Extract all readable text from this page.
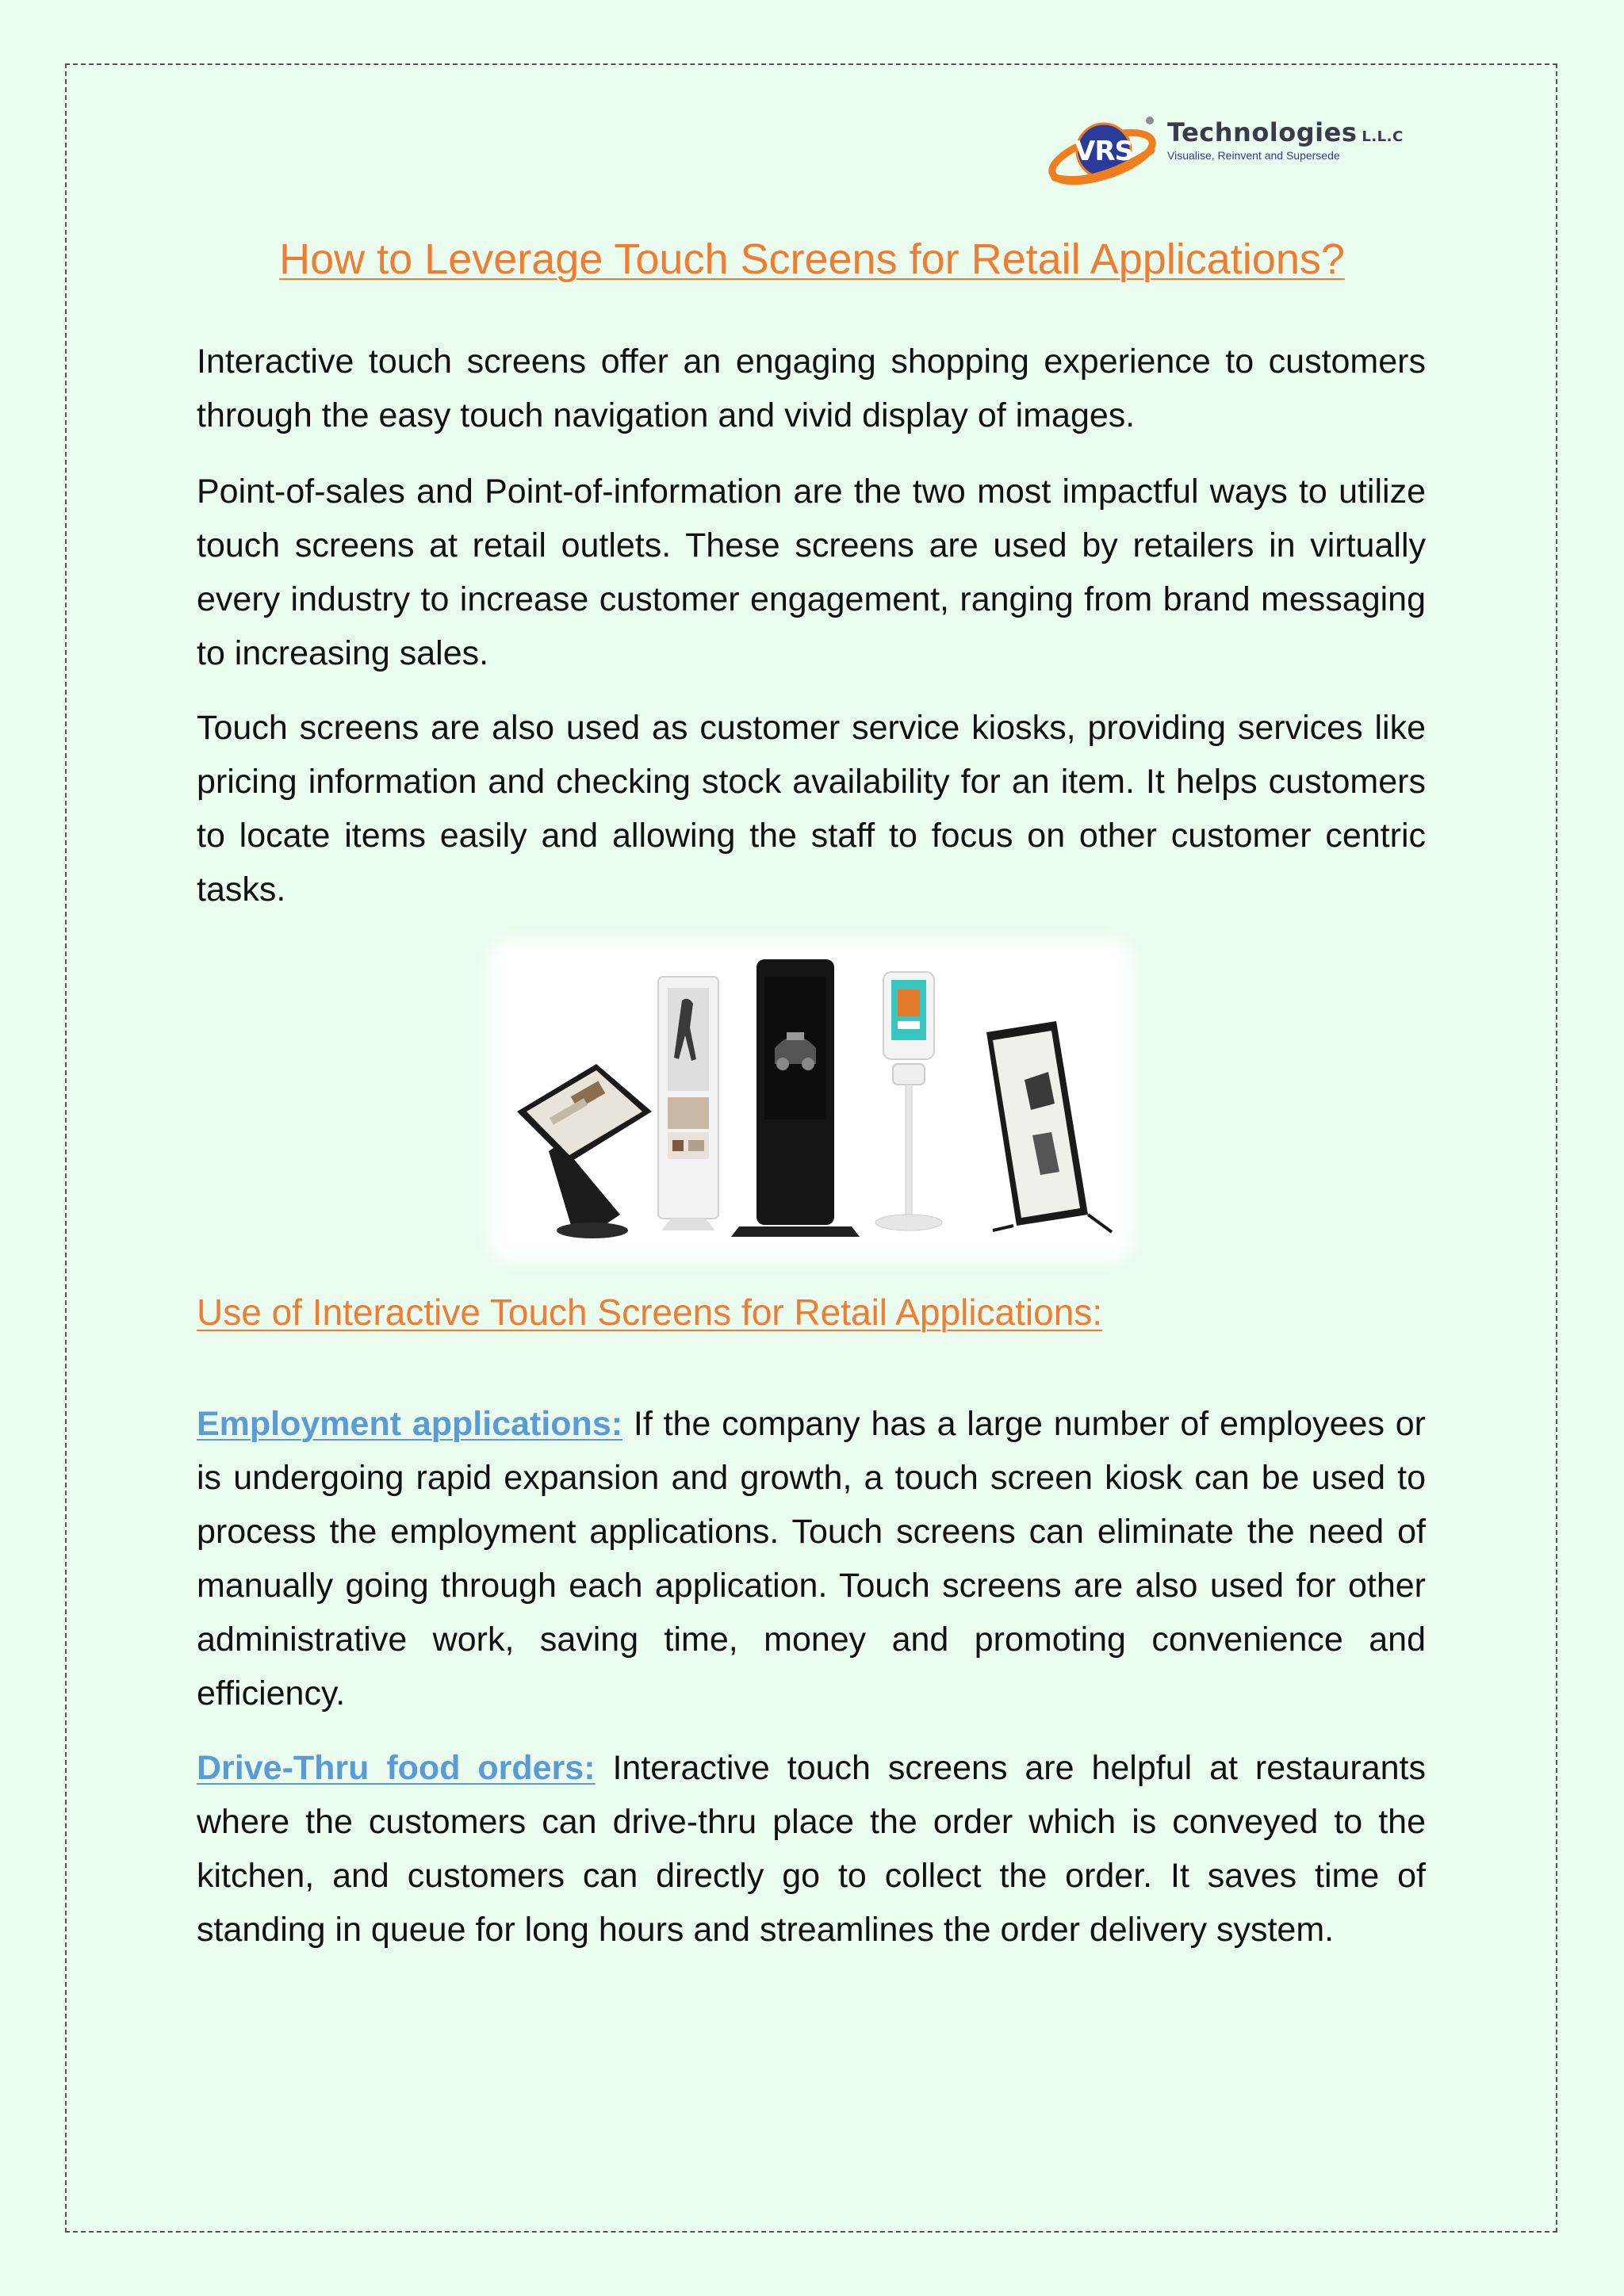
VRS
Technologies L.L.C
Visualise, Reinvent and Supersede
How to Leverage Touch Screens for Retail Applications?
Interactive touch screens offer an engaging shopping experience to customers through the easy touch navigation and vivid display of images.
Point-of-sales and Point-of-information are the two most impactful ways to utilize touch screens at retail outlets. These screens are used by retailers in virtually every industry to increase customer engagement, ranging from brand messaging to increasing sales.
Touch screens are also used as customer service kiosks, providing services like pricing information and checking stock availability for an item. It helps customers to locate items easily and allowing the staff to focus on other customer centric tasks.
Use of Interactive Touch Screens for Retail Applications:
Employment applications: If the company has a large number of employees or is undergoing rapid expansion and growth, a touch screen kiosk can be used to process the employment applications. Touch screens can eliminate the need of manually going through each application. Touch screens are also used for other administrative work, saving time, money and promoting convenience and efficiency.
Drive-Thru food orders: Interactive touch screens are helpful at restaurants where the customers can drive-thru place the order which is conveyed to the kitchen, and customers can directly go to collect the order. It saves time of standing in queue for long hours and streamlines the order delivery system.
